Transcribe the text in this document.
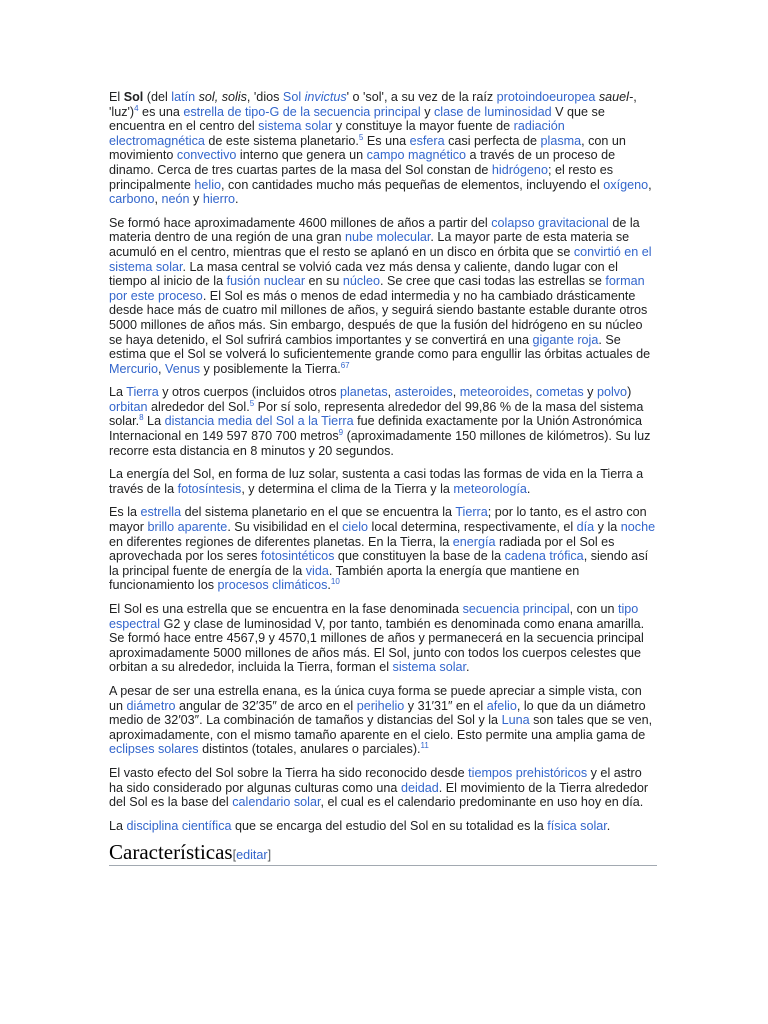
El Sol (del latín sol, solis, 'dios Sol invictus' o 'sol', a su vez de la raíz protoindoeuropea sauel-, 'luz')$^4$ es una estrella de tipo-G de la secuencia principal y clase de luminosidad V que se encuentra en el centro del sistema solar y constituye la mayor fuente de radiación electromagnética de este sistema planetario.$^5$ Es una esfera casi perfecta de plasma, con un movimiento convectivo interno que genera un campo magnético a través de un proceso de dinamo. Cerca de tres cuartas partes de la masa del Sol constan de hidrógeno; el resto es principalmente helio, con cantidades mucho más pequeñas de elementos, incluyendo el oxígeno, carbono, neón y hierro.

Se formó hace aproximadamente 4600 millones de años a partir del colapso gravitacional de la materia dentro de una región de una gran nube molecular. La mayor parte de esta materia se acumuló en el centro, mientras que el resto se aplanó en un disco en órbita que se convirtió en el sistema solar. La masa central se volvió cada vez más densa y caliente, dando lugar con el tiempo al inicio de la fusión nuclear en su núcleo. Se cree que casi todas las estrellas se forman por este proceso. El Sol es más o menos de edad intermedia y no ha cambiado drásticamente desde hace más de cuatro mil millones de años, y seguirá siendo bastante estable durante otros 5000 millones de años más. Sin embargo, después de que la fusión del hidrógeno en su núcleo se haya detenido, el Sol sufrirá cambios importantes y se convertirá en una gigante roja. Se estima que el Sol se volverá lo suficientemente grande como para engullir las órbitas actuales de Mercurio, Venus y posiblemente la Tierra.$^{67}$

La Tierra y otros cuerpos (incluidos otros planetas, asteroides, meteoroides, cometas y polvo) orbitan alrededor del Sol.$^5$ Por sí solo, representa alrededor del 99,86 % de la masa del sistema solar.$^8$ La distancia media del Sol a la Tierra fue definida exactamente por la Unión Astronómica Internacional en 149 597 870 700 metros$^9$ (aproximadamente 150 millones de kilómetros). Su luz recorre esta distancia en 8 minutos y 20 segundos.

La energía del Sol, en forma de luz solar, sustenta a casi todas las formas de vida en la Tierra a través de la fotosíntesis, y determina el clima de la Tierra y la meteorología.

Es la estrella del sistema planetario en el que se encuentra la Tierra; por lo tanto, es el astro con mayor brillo aparente. Su visibilidad en el cielo local determina, respectivamente, el día y la noche en diferentes regiones de diferentes planetas. En la Tierra, la energía radiada por el Sol es aprovechada por los seres fotosintéticos que constituyen la base de la cadena trófica, siendo así la principal fuente de energía de la vida. También aporta la energía que mantiene en funcionamiento los procesos climáticos.$^{10}$

El Sol es una estrella que se encuentra en la fase denominada secuencia principal, con un tipo espectral G2 y clase de luminosidad V, por tanto, también es denominada como enana amarilla. Se formó hace entre 4567,9 y 4570,1 millones de años y permanecerá en la secuencia principal aproximadamente 5000 millones de años más. El Sol, junto con todos los cuerpos celestes que orbitan a su alrededor, incluida la Tierra, forman el sistema solar.

A pesar de ser una estrella enana, es la única cuya forma se puede apreciar a simple vista, con un diámetro angular de 32′35″ de arco en el perihelio y 31′31″ en el afelio, lo que da un diámetro medio de 32′03″. La combinación de tamaños y distancias del Sol y la Luna son tales que se ven, aproximadamente, con el mismo tamaño aparente en el cielo. Esto permite una amplia gama de eclipses solares distintos (totales, anulares o parciales).$^{11}$

El vasto efecto del Sol sobre la Tierra ha sido reconocido desde tiempos prehistóricos y el astro ha sido considerado por algunas culturas como una deidad. El movimiento de la Tierra alrededor del Sol es la base del calendario solar, el cual es el calendario predominante en uso hoy en día.

La disciplina científica que se encarga del estudio del Sol en su totalidad es la física solar.

Características[editar]
